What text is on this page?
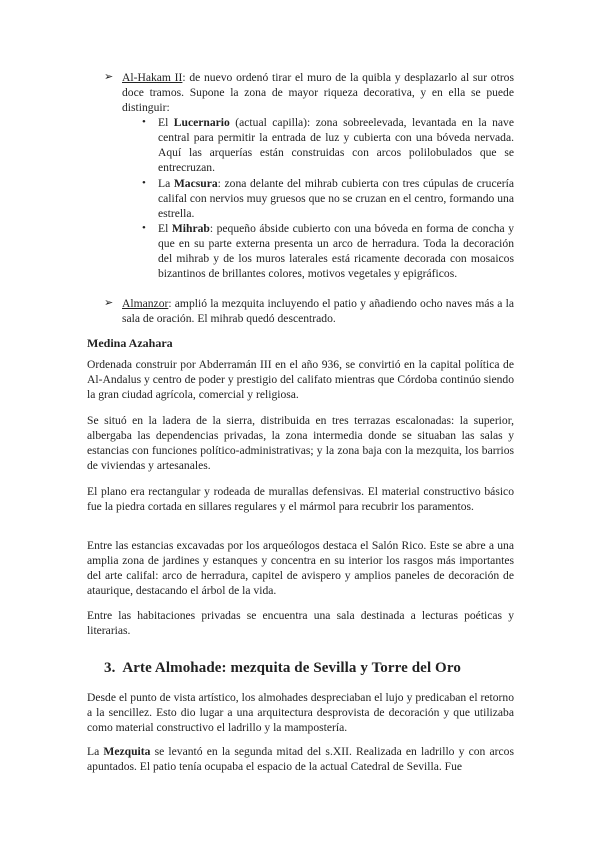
➢ Al-Hakam II: de nuevo ordenó tirar el muro de la quibla y desplazarlo al sur otros doce tramos. Supone la zona de mayor riqueza decorativa, y en ella se puede distinguir:

• El Lucernario (actual capilla): zona sobreelevada, levantada en la nave central para permitir la entrada de luz y cubierta con una bóveda nervada. Aquí las arquerías están construidas con arcos polilobulados que se entrecruzan.

• La Macsura: zona delante del mihrab cubierta con tres cúpulas de crucería califal con nervios muy gruesos que no se cruzan en el centro, formando una estrella.

• El Mihrab: pequeño ábside cubierto con una bóveda en forma de concha y que en su parte externa presenta un arco de herradura. Toda la decoración del mihrab y de los muros laterales está ricamente decorada con mosaicos bizantinos de brillantes colores, motivos vegetales y epigráficos.

➢ Almanzor: amplió la mezquita incluyendo el patio y añadiendo ocho naves más a la sala de oración. El mihrab quedó descentrado.

Medina Azahara

Ordenada construir por Abderramán III en el año 936, se convirtió en la capital política de Al-Andalus y centro de poder y prestigio del califato mientras que Córdoba continúo siendo la gran ciudad agrícola, comercial y religiosa.

Se situó en la ladera de la sierra, distribuida en tres terrazas escalonadas: la superior, albergaba las dependencias privadas, la zona intermedia donde se situaban las salas y estancias con funciones político-administrativas; y la zona baja con la mezquita, los barrios de viviendas y artesanales.

El plano era rectangular y rodeada de murallas defensivas. El material constructivo básico fue la piedra cortada en sillares regulares y el mármol para recubrir los paramentos.

Entre las estancias excavadas por los arqueólogos destaca el Salón Rico. Este se abre a una amplia zona de jardines y estanques y concentra en su interior los rasgos más importantes del arte califal: arco de herradura, capitel de avispero y amplios paneles de decoración de ataurique, destacando el árbol de la vida.

Entre las habitaciones privadas se encuentra una sala destinada a lecturas poéticas y literarias.

3. Arte Almohade: mezquita de Sevilla y Torre del Oro

Desde el punto de vista artístico, los almohades despreciaban el lujo y predicaban el retorno a la sencillez. Esto dio lugar a una arquitectura desprovista de decoración y que utilizaba como material constructivo el ladrillo y la mampostería.

La Mezquita se levantó en la segunda mitad del s.XII. Realizada en ladrillo y con arcos apuntados. El patio tenía ocupaba el espacio de la actual Catedral de Sevilla. Fue
